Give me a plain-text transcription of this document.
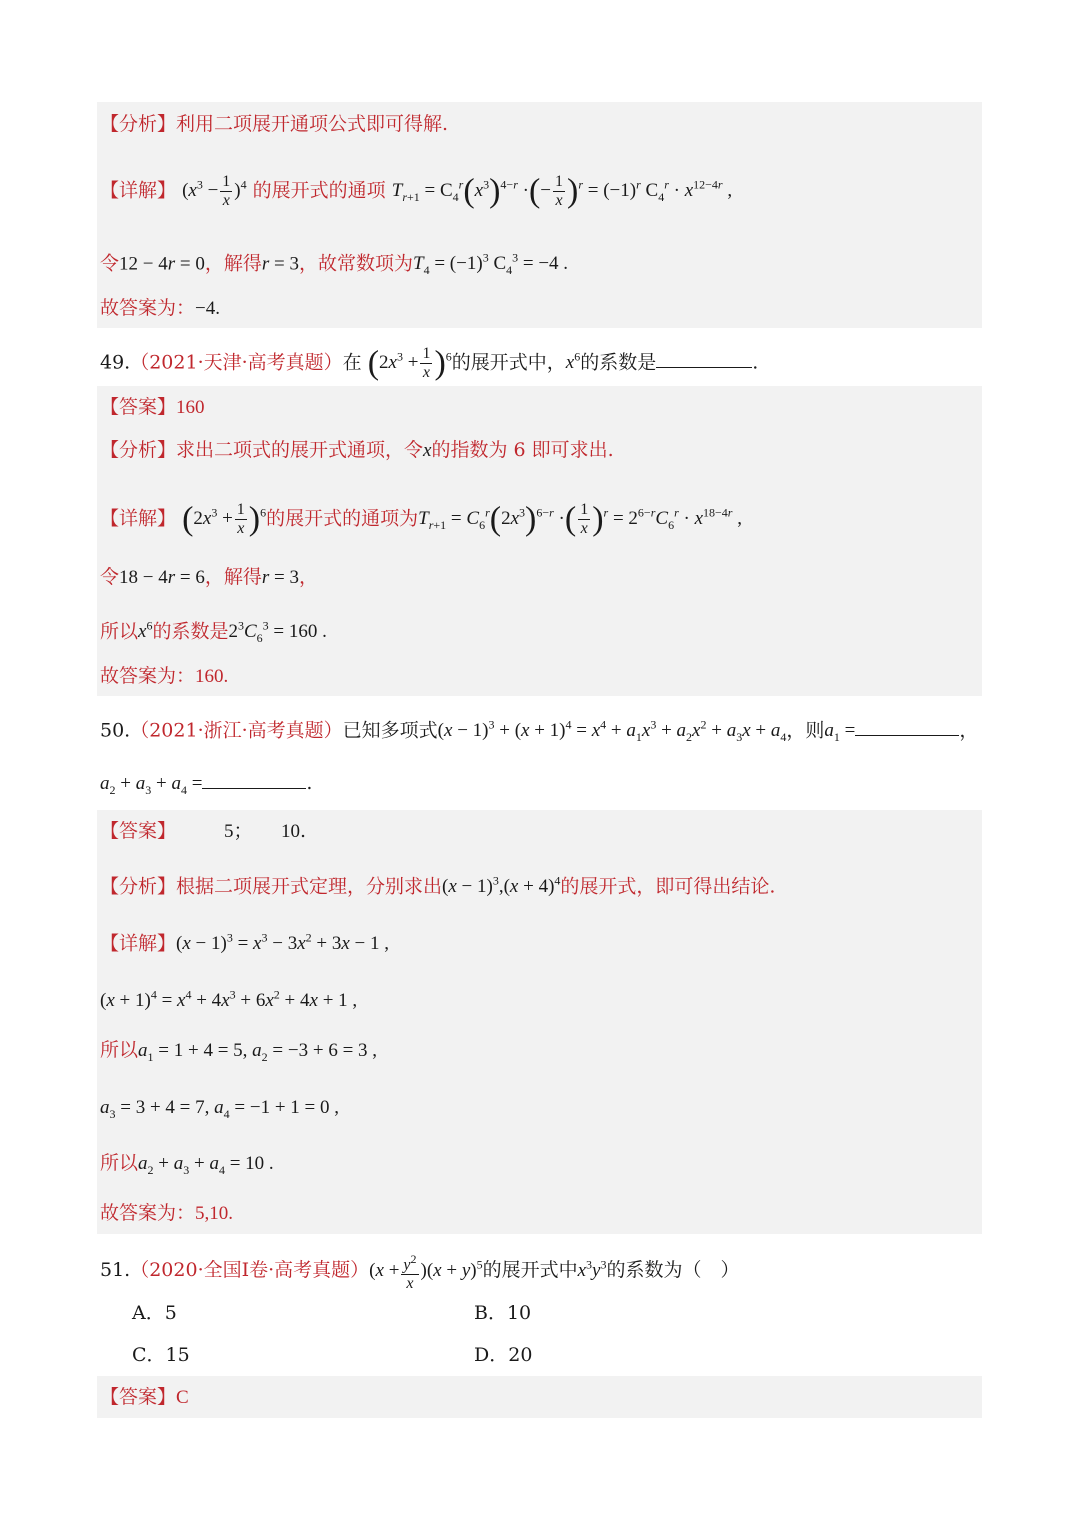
【分析】利用二项展开通项公式即可得解.
【详解】 $(x^3 - \frac{1}{x} )^4$ 的展开式的通项 $T_{r+1} = C_4^r(x^3)^{4-r}$ ·(− $\frac{1}{x} )^r = (-1)^r$ $C_4^r \cdot x^{12-4r}$ ,
令12 − 4r = 0，解得r = 3，故常数项为$T_4 = (-1)^3$ $C_4^3 = -4$ .
故答案为：−4.
49.（2021·天津·高考真题）在 $(2x^3 + \frac{1}{x} )^6$的展开式中，$x^6$的系数是	.
【答案】160
【分析】求出二项式的展开式通项，令x的指数为 6 即可求出.
【详解】 $(2x^3 + \frac{1}{x} )^6$的展开式的通项为$T_{r+1} = C_6^r(2x^3)^{6-r}$ ·( $\frac{1}{x} )^r = 2^{6-r}C_6^r \cdot x^{18-4r}$ ,
令18 − 4r = 6，解得r = 3，
所以$x^6$的系数是$2^3C_6^3 = 160$ .
故答案为：160.
50.（2021·浙江·高考真题）已知多项式$(x - 1)^3 + (x + 1)^4 = x^4 + a_1x^3 + a_2x^2 + a_3x + a_4$，则$a_1$ =	，
$a_2 + a_3 + a_4$ =	.
【答案】	5；　　10.
【分析】根据二项展开式定理，分别求出$(x - 1)^3,(x + 4)^4$的展开式，即可得出结论.
【详解】$(x - 1)^3 = x^3 - 3x^2 + 3x - 1$ ,
$(x + 1)^4 = x^4 + 4x^3 + 6x^2 + 4x + 1$ ,
所以$a_1 = 1 + 4 = 5$, $a_2 = -3 + 6 = 3$ ,
$a_3 = 3 + 4 = 7$, $a_4 = -1 + 1 = 0$ ,
所以$a_2 + a_3 + a_4 = 10$ .
故答案为：5,10.
51.（2020·全国I卷·高考真题）$(x + \frac{y^2}{x} )(x + y)^5$的展开式中$x^3y^3$的系数为（　）
A．5	B．10
C．15	D．20
【答案】C
